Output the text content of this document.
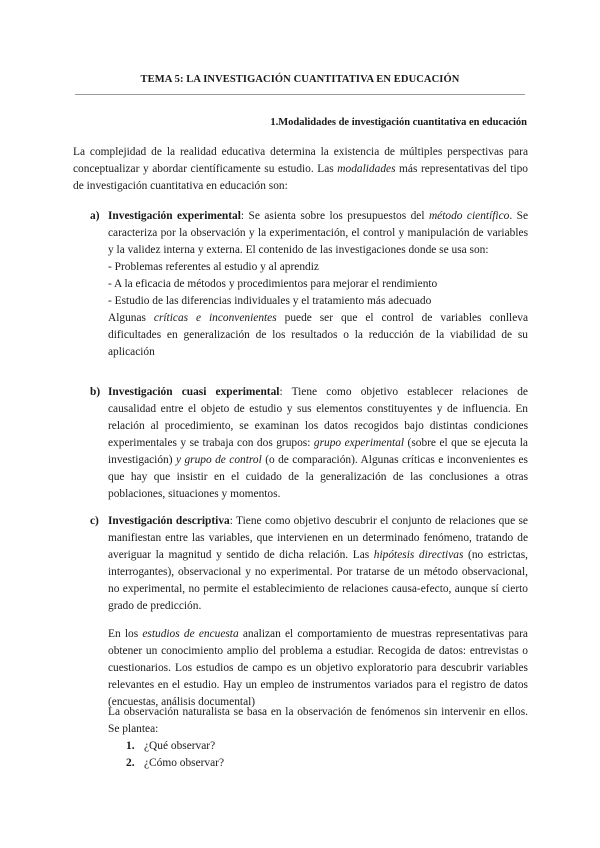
TEMA 5: LA INVESTIGACIÓN CUANTITATIVA EN EDUCACIÓN
1.Modalidades de investigación cuantitativa en educación

La complejidad de la realidad educativa determina la existencia de múltiples perspectivas para conceptualizar y abordar científicamente su estudio. Las modalidades más representativas del tipo de investigación cuantitativa en educación son:

a) Investigación experimental: Se asienta sobre los presupuestos del método científico. Se caracteriza por la observación y la experimentación, el control y manipulación de variables y la validez interna y externa. El contenido de las investigaciones donde se usa son:

- Problemas referentes al estudio y al aprendiz
- A la eficacia de métodos y procedimientos para mejorar el rendimiento
- Estudio de las diferencias individuales y el tratamiento más adecuado

Algunas críticas e inconvenientes puede ser que el control de variables conlleva dificultades en generalización de los resultados o la reducción de la viabilidad de su aplicación

b) Investigación cuasi experimental: Tiene como objetivo establecer relaciones de causalidad entre el objeto de estudio y sus elementos constituyentes y de influencia. En relación al procedimiento, se examinan los datos recogidos bajo distintas condiciones experimentales y se trabaja con dos grupos: grupo experimental (sobre el que se ejecuta la investigación) y grupo de control (o de comparación). Algunas críticas e inconvenientes es que hay que insistir en el cuidado de la generalización de las conclusiones a otras poblaciones, situaciones y momentos.

c) Investigación descriptiva: Tiene como objetivo descubrir el conjunto de relaciones que se manifiestan entre las variables, que intervienen en un determinado fenómeno, tratando de averiguar la magnitud y sentido de dicha relación. Las hipótesis directivas (no estrictas, interrogantes), observacional y no experimental. Por tratarse de un método observacional, no experimental, no permite el establecimiento de relaciones causa-efecto, aunque sí cierto grado de predicción.

En los estudios de encuesta analizan el comportamiento de muestras representativas para obtener un conocimiento amplio del problema a estudiar. Recogida de datos: entrevistas o cuestionarios. Los estudios de campo es un objetivo exploratorio para descubrir variables relevantes en el estudio. Hay un empleo de instrumentos variados para el registro de datos (encuestas, análisis documental)

La observación naturalista se basa en la observación de fenómenos sin intervenir en ellos. Se plantea:

1. ¿Qué observar?
2. ¿Cómo observar?
